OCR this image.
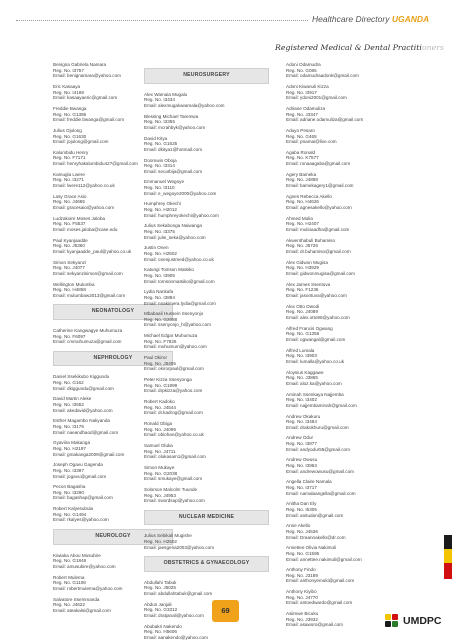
Healthcare Directory UGANDA
Registered Medical & Dental Practitioners
Benigna Gabriela Namara
Reg. No. I3757
Email: benignamara@yahoo.com
Eric Kasaaya
Reg. No. I4168
Email: kasaayaeric@gmail.com
Freddie Bwanga
Reg. No. G1386
Email: freddie.bwanga@gmail.com
Julius Ojulong
Reg. No. G1630
Email: jojulong@gmail.com
Kalumbidu Henry
Reg. No. F7171
Email: henryhakalumbidu427@gmail.com
Kamugla Lwere
Reg. No. I3271
Email: lwere112@yahoo.co.uk
Lasy Grace Asio
Reg. No. J4665
Email: gracesaio@yahoo.com
Ludzakoire Moses Jaloba
Reg. No. F5537
Email: moses.jaloba@case.edu
Paul Kyanjaadde
Reg. No. J5360
Email: kyanjaadde_paul@yahoo.co.uk
Simon Sekyanzi
Reg. No. J4077
Email: sekyanzisimon@gmail.com
Wellington Mulumba
Reg. No. H4858
Email: mulumbaw2013@gmail.com
NEONATOLOGY
Catherine Kangwagye Muhumuza
Reg. No. F6097
Email: cmmuhumuza@gmail.com
NEPHROLOGY
Daniel Ssekikubo Kiggundu
Reg. No. G162
Email: dkiggundu@gmail.com
David Martin Aleke
Reg. No. I3552
Email: akedavid@yahoo.com
Esther Magambo Nakyanda
Reg. No. I3176
Email: naeandhaod@gmail.com
Gyaviira Makanga
Reg. No. H2197
Email: gmakanga2009@gmail.com
Joseph Ogavu Gagenda
Reg. No. I3387
Email: jogavu@gmail.com
Pecon Bagasha
Reg. No. I3290
Email: bagashap@gmail.com
Robert Kalyesubula
Reg. No. G1494
Email: rkalyes@yahoo.com
NEUROLOGY
Kiwiaka Abou Musubire
Reg. No. G1846
Email: amusubire@yahoo.com
Robert Mulema
Reg. No. G1108
Email: robertmulema@yahoo.com
Salvatore Ssemmanda
Reg. No. J4622
Email: ateakalsi@gmail.com
NEUROSURGERY
Alex Wamala Mugalu
Reg. No. I3434
Email: alexmugaluwamala@yahoo.com
Blessing Michael Taremwa
Reg. No. I3355
Email: mcrahbyk@yahoo.com
David Kitya
Reg. No. G1635
Email: dkitya1@hotmail.com
Doomwin Oboja
Reg. No. I3314
Email: secarbija@gmail.com
Emmanuel Wegoye
Reg. No. I3110
Email: e_wegoye2000@yahoo.com
Humphrey Okechi
Reg. No. H2012
Email: humphreyokechi@yahoo.com
Julius Sekabonga Naiwanga
Reg. No. I3375
Email: julie_seka@yahoo.com
Justin Onen
Reg. No. H2502
Email: onenjustmed@yahoo.co.uk
Katungi Tomson Matsiko
Reg. No. I3905
Email: tomsonmatsiko@gmail.com
Lydia Nankafa
Reg. No. I3884
Email: nnakimera.lydia@gmail.com
Mbabaali Hussein Ssenyonjo
Reg. No. G2088
Email: ssenyonjo_h@yahoo.com
Michael Edgar Muhumuza
Reg. No. F7826
Email: muhumum@yahoo.com
Paul Okiror
Reg. No. J5405
Email: okirorpaul@gmail.com
Peter Kizza Ssenyonga
Reg. No. G1899
Email: drpkizza@yahoo.com
Robert Kadoko
Reg. No. J4544
Email: dr.kadrog@gmail.com
Ronald Obiga
Reg. No. J4099
Email: obiohan@yahoo.co.uk
Samuel Oluka
Reg. No. J4711
Email: olukasam1@gmail.com
Simon Mukaye
Reg. No. G2038
Email: smukaye@gmail.com
Solomon Malcolm Tuunde
Reg. No. J4953
Email: swordsap@yahoo.com
NUCLEAR MEDICINE
Julius Sebikali Mugishe
Reg. No. H2502
Email: jaesgena2003@yahoo.com
OBSTETRICS & GYNAECOLOGY
Abdullahi Tabuk
Reg. No. J5025
Email: abdullahtabuk@gmail.com
Abdun Janjali
Reg. No. G3312
Email: dratjanali@yahoo.com
Abubakri Nakendo
Reg. No. H5606
Email: aanakendo@yahoo.com
Adoni Odamudra
Reg. No. G085
Email: odamudraadonk@gmail.com
Adoni Kiwanuli Kizza
Reg. No. I3917
Email: ydoni2001@gmail.com
Adriane Odamuliza
Reg. No. J3347
Email: adriane.odamuliza@gmail.com
Aduyo Pesaro
Reg. No. G465
Email: pnamai@live.com
Agaba Ronald
Reg. No. K7577
Email: ronaaagaba@gmail.com
Agery Bameka
Reg. No. J4898
Email: bamekagery1@gmail.com
Agnes Rebecca Akello
Reg. No. H4626
Email: agnesakello@yahoo.com
Ahmed Mulia
Reg. No. H2407
Email: mulioaadha@gmail.com
Akwenthabuli Buhamiso
Reg. No. J5726
Email: dr.buhamiso@gmail.com
Alex Gidwon Mugisa
Reg. No. H3929
Email: gidwonmugisa@gmail.com
Alex James Ssentuva
Reg. No. F1236
Email: jasontuva@yahoo.com
Alex Otto Owodi
Reg. No. J4089
Email: alex.otto96@yahoo.com
Alfred Francis Ogwang
Reg. No. G1355
Email: ogwangal@gmail.com
Alfred Lumala
Reg. No. I3903
Email: lumalla@yahoo.co.uk
Aloysius Kaggawe
Reg. No. J3865
Email: aloz.ka@yahoo.com
Aminah Ssenkaya Najjemba
Reg. No. I3402
Email: najjembaminah@gmail.com
Andrew Okakuru
Reg. No. I3484
Email: drakokhuru@gmail.com
Andrew Odur
Reg. No. I3877
Email: andyodur55@gmail.com
Andrew Owusu
Reg. No. I3963
Email: andrewowusu@gmail.com
Angella Claire Namala
Reg. No. I3717
Email: namalaangella@gmail.com
Anitha Dan Ely
Reg. No. I5305
Email: anitudan@gmail.com
Anne Akello
Reg. No. J4536
Email: Draannakello@dr.com
Annettee Olivia Nakimuli
Reg. No. G1595
Email: annettee.nakimuli@gmail.com
Anthony Findo
Reg. No. J3189
Email: anthonyemuki@gmail.com
Anthony Kiyibo
Reg. No. J4770
Email: antoedwardo@gmail.com
Asiimwe Bicuku
Reg. No. J3932
Email: asaworo@gmail.com
69
UMDPC
